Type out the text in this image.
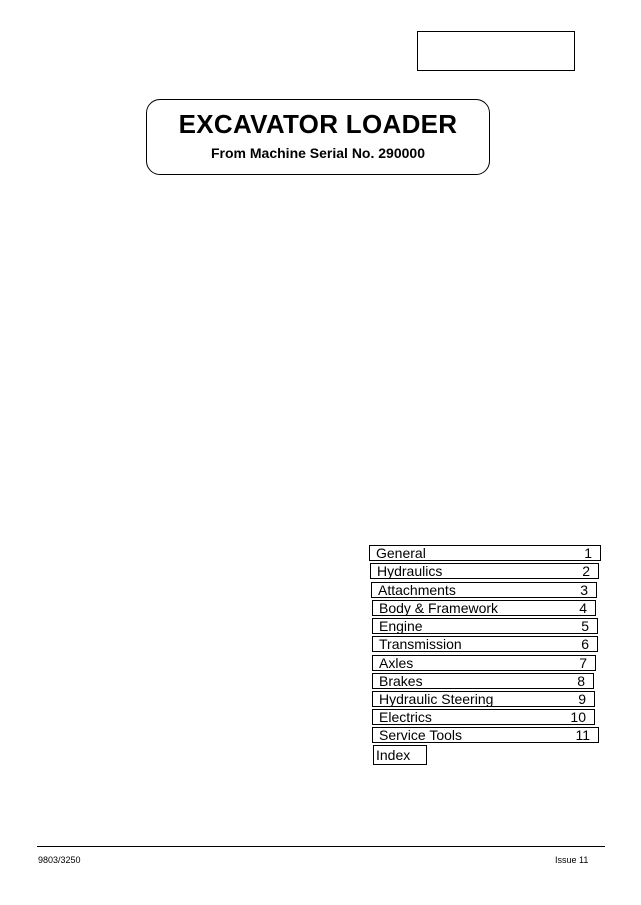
EXCAVATOR LOADER
From Machine Serial No. 290000
General	1
Hydraulics	2
Attachments	3
Body & Framework	4
Engine	5
Transmission	6
Axles	7
Brakes	8
Hydraulic Steering	9
Electrics	10
Service Tools	11
Index
9803/3250	Issue 11
